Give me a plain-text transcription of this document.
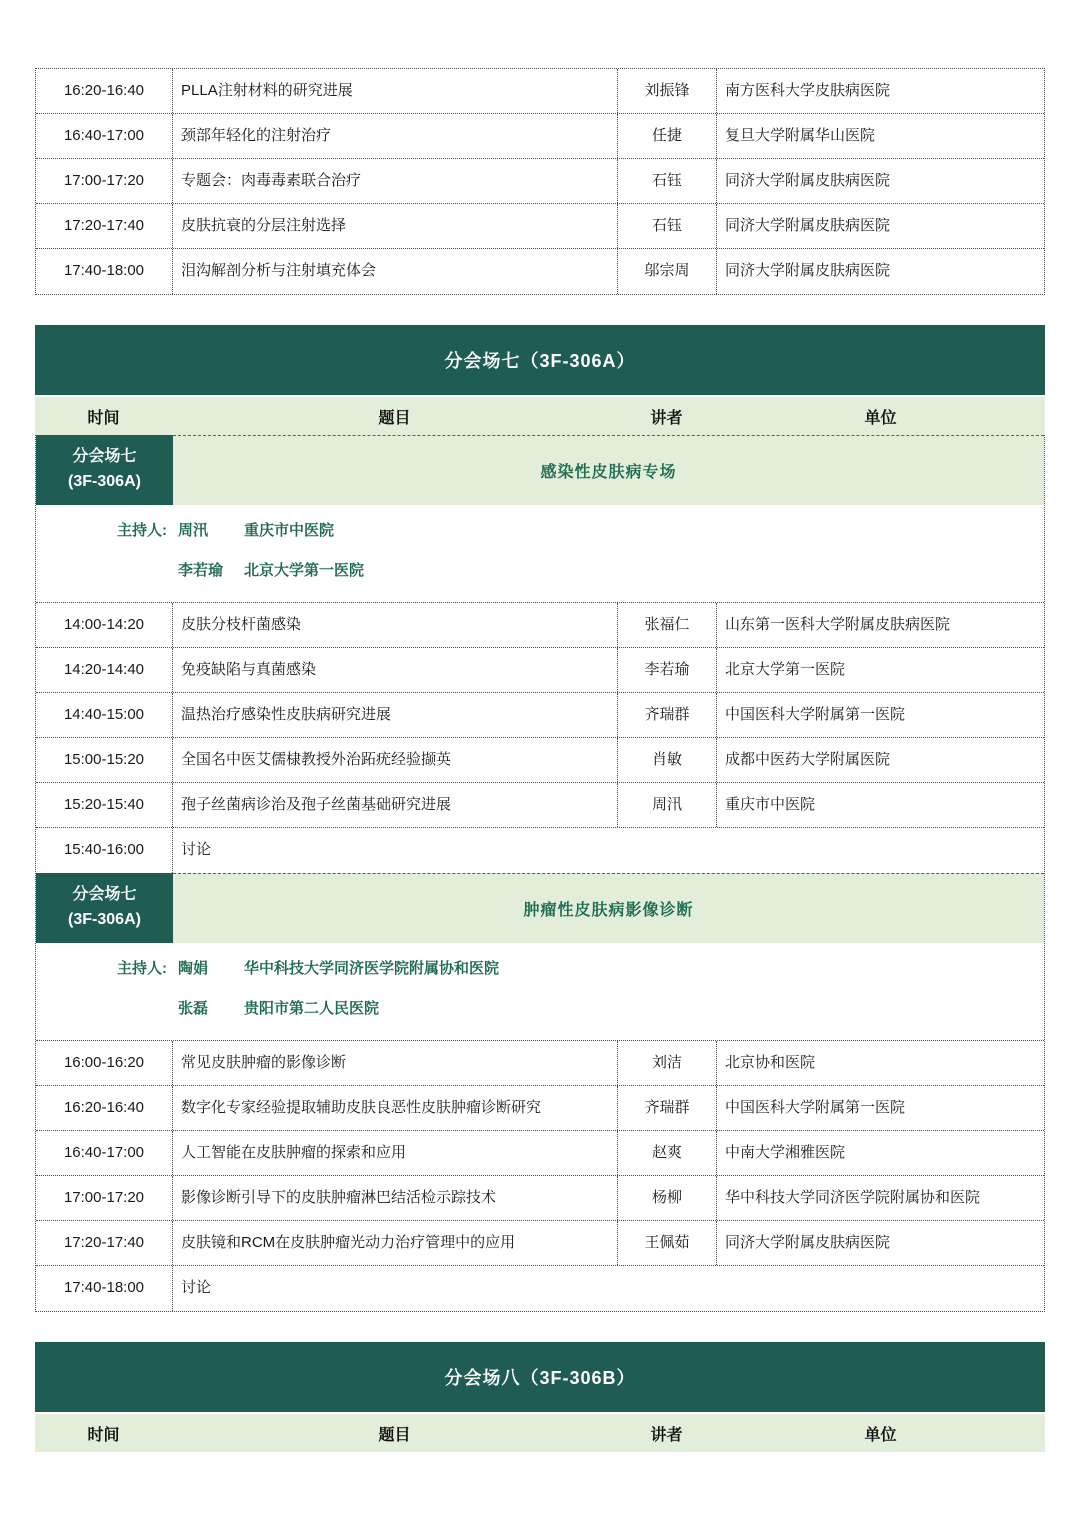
16:20-16:40	PLLA注射材料的研究进展	刘振锋	南方医科大学皮肤病医院
16:40-17:00	颈部年轻化的注射治疗	任捷	复旦大学附属华山医院
17:00-17:20	专题会：肉毒毒素联合治疗	石钰	同济大学附属皮肤病医院
17:20-17:40	皮肤抗衰的分层注射选择	石钰	同济大学附属皮肤病医院
17:40-18:00	泪沟解剖分析与注射填充体会	邬宗周	同济大学附属皮肤病医院
分会场七（3F-306A）
时间	题目	讲者	单位
分会场七
(3F-306A)
感染性皮肤病专场
主持人: 周汛	重庆市中医院
李若瑜	北京大学第一医院
14:00-14:20	皮肤分枝杆菌感染	张福仁	山东第一医科大学附属皮肤病医院
14:20-14:40	免疫缺陷与真菌感染	李若瑜	北京大学第一医院
14:40-15:00	温热治疗感染性皮肤病研究进展	齐瑞群	中国医科大学附属第一医院
15:00-15:20	全国名中医艾儒棣教授外治跖疣经验撷英	肖敏	成都中医药大学附属医院
15:20-15:40	孢子丝菌病诊治及孢子丝菌基础研究进展	周汛	重庆市中医院
15:40-16:00	讨论
分会场七
(3F-306A)
肿瘤性皮肤病影像诊断
主持人: 陶娟	华中科技大学同济医学院附属协和医院
张磊	贵阳市第二人民医院
16:00-16:20	常见皮肤肿瘤的影像诊断	刘洁	北京协和医院
16:20-16:40	数字化专家经验提取辅助皮肤良恶性皮肤肿瘤诊断研究	齐瑞群	中国医科大学附属第一医院
16:40-17:00	人工智能在皮肤肿瘤的探索和应用	赵爽	中南大学湘雅医院
17:00-17:20	影像诊断引导下的皮肤肿瘤淋巴结活检示踪技术	杨柳	华中科技大学同济医学院附属协和医院
17:20-17:40	皮肤镜和RCM在皮肤肿瘤光动力治疗管理中的应用	王佩茹	同济大学附属皮肤病医院
17:40-18:00	讨论
分会场八（3F-306B）
时间	题目	讲者	单位
